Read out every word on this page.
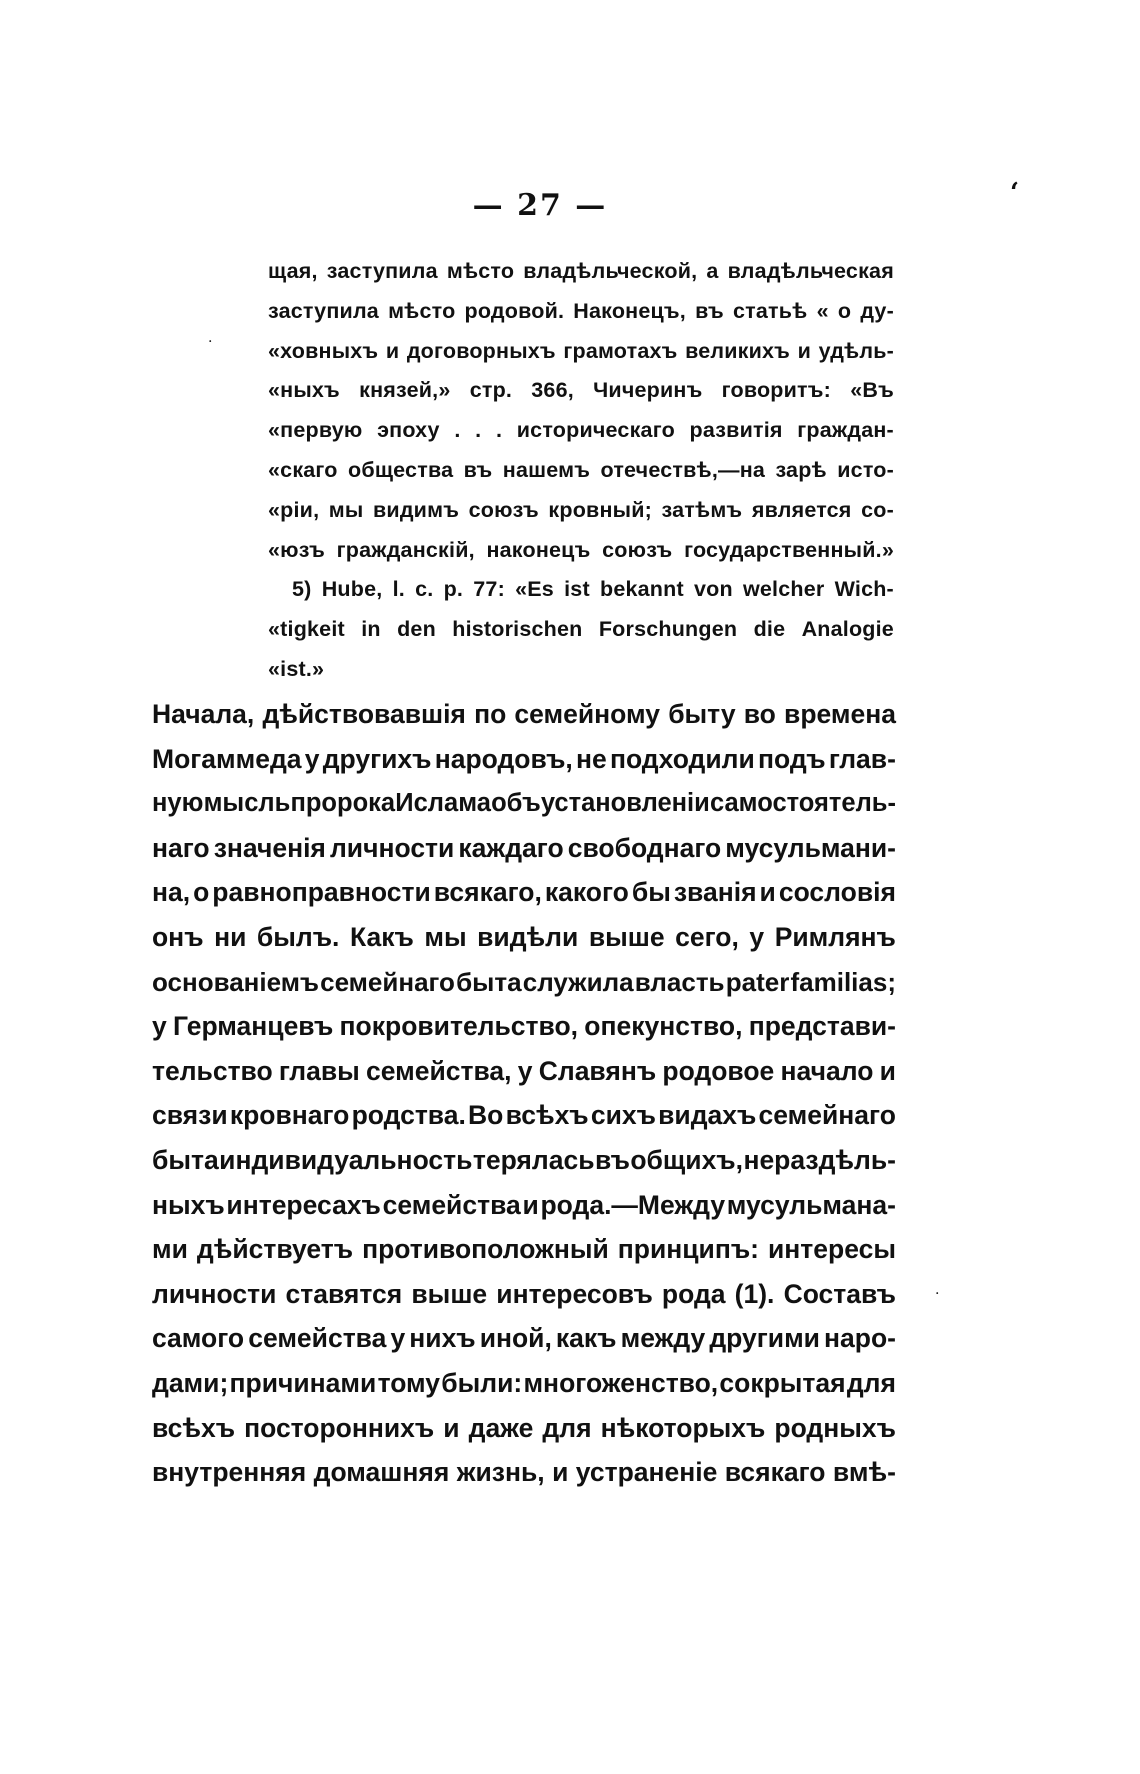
— 27 —	ʻ
.
.
щая, заступила мѣсто владѣльческой, а владѣльческая
заступила мѣсто родовой. Наконецъ, въ статьѣ « о ду-
«ховныхъ и договорныхъ грамотахъ великихъ и удѣль-
«ныхъ князей,» стр. 366, Чичеринъ говоритъ: «Въ
«первую эпоху . . . историческаго развитія граждан-
«скаго общества въ нашемъ отечествѣ,—на зарѣ исто-
«ріи, мы видимъ союзъ кровный; затѣмъ является со-
«юзъ гражданскій, наконецъ союзъ государственный.»
5) Hube, l. c. p. 77: «Es ist bekannt von welcher Wich-
«tigkeit in den historischen Forschungen die Analogie
«ist.»
Начала, дѣйствовавшія по семейному быту во времена
Могаммеда у другихъ народовъ, не подходили подъ глав-
ную мысль пророка Ислама объ установленіи самостоятель-
наго значенія личности каждаго свободнаго мусульмани-
на, о равноправности всякаго, какого бы званія и сословія
онъ ни былъ. Какъ мы видѣли выше сего, у Римлянъ
основаніемъ семейнаго быта служила власть pater familias;
у Германцевъ покровительство, опекунство, представи-
тельство главы семейства, у Славянъ родовое начало и
связи кровнаго родства. Во всѣхъ сихъ видахъ семейнаго
быта индивидуальность терялась въ общихъ, нераздѣль-
ныхъ интересахъ семейства и рода.—Между мусульмана-
ми дѣйствуетъ противоположный принципъ: интересы
личности ставятся выше интересовъ рода (1). Составъ
самого семейства у нихъ иной, какъ между другими наро-
дами; причинами тому были: многоженство, сокрытая для
всѣхъ постороннихъ и даже для нѣкоторыхъ родныхъ
внутренняя домашняя жизнь, и устраненіе всякаго вмѣ-
